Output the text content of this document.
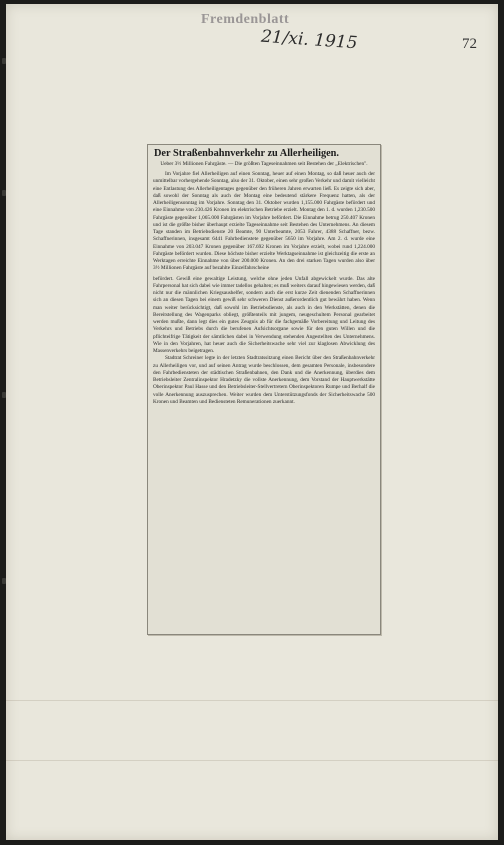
Fremdenblatt
21/xi. 1915	72
Der Straßenbahnverkehr zu Allerheiligen.
Ueber 3½ Millionen Fahrgäste. — Die größten Tageseinnahmen seit Bestehen der „Elektrischen".

Im Vorjahre fiel Allerheiligen auf einen Sonntag, heuer auf einen Montag, so daß heuer auch der unmittelbar vorhergehende Sonntag, also der 31. Oktober, einen sehr großen Verkehr und damit vielleicht eine Entlastung des Allerheiligentages gegenüber den früheren Jahren erwarten ließ. Es zeigte sich aber, daß sowohl der Sonntag als auch der Montag eine bedeutend stärkere Frequenz hatten, als der Allerheiligensonntag im Vorjahre. Sonntag den 31. Oktober wurden 1,155.000 Fahrgäste befördert und eine Einnahme von 230.426 Kronen im elektrischen Betriebe erzielt. Montag den 1. d. wurden 1,230.500 Fahrgäste gegenüber 1,065.000 Fahrgästen im Vorjahre befördert. Die Einnahme betrug 250.407 Kronen und ist die größte bisher überhaupt erzielte Tageseinnahme seit Bestehen des Unternehmens. An diesem Tage standen im Betriebsdienste 20 Beamte, 90 Unterbeamte, 2053 Fahrer, 4388 Schaffner, bezw. Schaffnerinnen, insgesamt 6441 Fahrbedienstete gegenüber 5650 im Vorjahre. Am 2. d. wurde eine Einnahme von 203.047 Kronen gegenüber 167.692 Kronen im Vorjahre erzielt, wobei rund 1,224.000 Fahrgäste befördert wurden. Diese höchste bisher erzielte Werktagseinnahme ist gleichzeitig die erste an Werktagen erreichte Einnahme von über 200.000 Kronen. An den drei starken Tagen wurden also über 3½ Millionen Fahrgäste auf bezahlte Einzelfahrscheine

befördert. Gewiß eine gewaltige Leistung, welche ohne jeden Unfall abgewickelt wurde. Das alte Fahrpersonal hat sich dabei wie immer tadellos gehalten; es muß weiters darauf hingewiesen werden, daß nicht nur die männlichen Kriegsaushelfer, sondern auch die erst kurze Zeit dienenden Schaffnerinnen sich an diesen Tagen bei einem gewiß sehr schweren Dienst außerordentlich gut bewährt haben. Wenn man weiter berücksichtigt, daß sowohl im Betriebsdienste, als auch in den Werkstätten, denen die Bereitstellung des Wagenparks obliegt, größtenteils mit jungem, neugeschultem Personal gearbeitet werden mußte, dann legt dies ein gutes Zeugnis ab für die fachgemäße Vorbereitung und Leitung des Verkehrs und Betriebs durch die berufenen Aufsichtsorgane sowie für den guten Willen und die pflichteifrige Tätigkeit der sämtlichen dabei in Verwendung stehenden Angestellten des Unternehmens. Wie in den Vorjahren, hat heuer auch die Sicherheitswache sehr viel zur klaglosen Abwicklung des Massenverkehrs beigetragen.

Stadtrat Schreiner legte in der letzten Stadtratssitzung einen Bericht über den Straßenbahnverkehr zu Allerheiligen vor, und auf seinen Antrag wurde beschlossen, dem gesamten Personale, insbesondere den Fahrbediensteten der städtischen Straßenbahnen, den Dank und die Anerkennung, überdies dem Betriebsleiter Zentralinspektor Hradetzky die vollste Anerkennung, dem Vorstand der Hauptwerkstätte Oberinspektor Paul Hasse und den Betriebsleiter-Stellvertretern Oberinspektoren Rumpe und Berhalf die volle Anerkennung auszusprechen. Weiter wurden dem Unterstützungsfonds der Sicherheitswache 500 Kronen und Beamten und Bediensteten Remunerationen zuerkannt.
